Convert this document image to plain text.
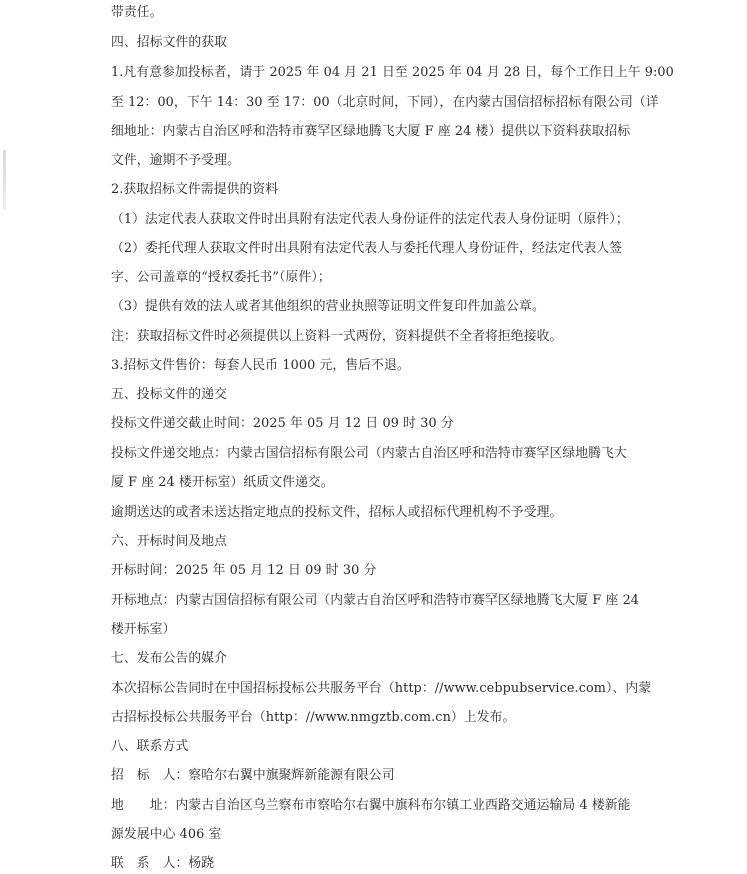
带责任。
四、招标文件的获取
1.凡有意参加投标者，请于 2025 年 04 月 21 日至 2025 年 04 月 28 日，每个工作日上午 9:00
至 12：00，下午 14：30 至 17：00（北京时间，下同），在内蒙古国信招标招标有限公司（详
细地址：内蒙古自治区呼和浩特市赛罕区绿地腾飞大厦 F 座 24 楼）提供以下资料获取招标
文件，逾期不予受理。
2.获取招标文件需提供的资料
（1）法定代表人获取文件时出具附有法定代表人身份证件的法定代表人身份证明（原件）；
（2）委托代理人获取文件时出具附有法定代表人与委托代理人身份证件，经法定代表人签
字、公司盖章的“授权委托书”（原件）；
（3）提供有效的法人或者其他组织的营业执照等证明文件复印件加盖公章。
注：获取招标文件时必须提供以上资料一式两份，资料提供不全者将拒绝接收。
3.招标文件售价：每套人民币 1000 元，售后不退。
五、投标文件的递交
投标文件递交截止时间：2025 年 05 月 12 日 09 时 30 分
投标文件递交地点：内蒙古国信招标有限公司（内蒙古自治区呼和浩特市赛罕区绿地腾飞大
厦 F 座 24 楼开标室）纸质文件递交。
逾期送达的或者未送达指定地点的投标文件，招标人或招标代理机构不予受理。
六、开标时间及地点
开标时间：2025 年 05 月 12 日 09 时 30 分
开标地点：内蒙古国信招标有限公司（内蒙古自治区呼和浩特市赛罕区绿地腾飞大厦 F 座 24
楼开标室）
七、发布公告的媒介
本次招标公告同时在中国招标投标公共服务平台（http：//www.cebpubservice.com）、内蒙
古招标投标公共服务平台（http：//www.nmgztb.com.cn）上发布。
八、联系方式
招　标　人：察哈尔右翼中旗聚辉新能源有限公司
地　　址：内蒙古自治区乌兰察布市察哈尔右翼中旗科布尔镇工业西路交通运输局 4 楼新能
源发展中心 406 室
联　系　人：杨跷
